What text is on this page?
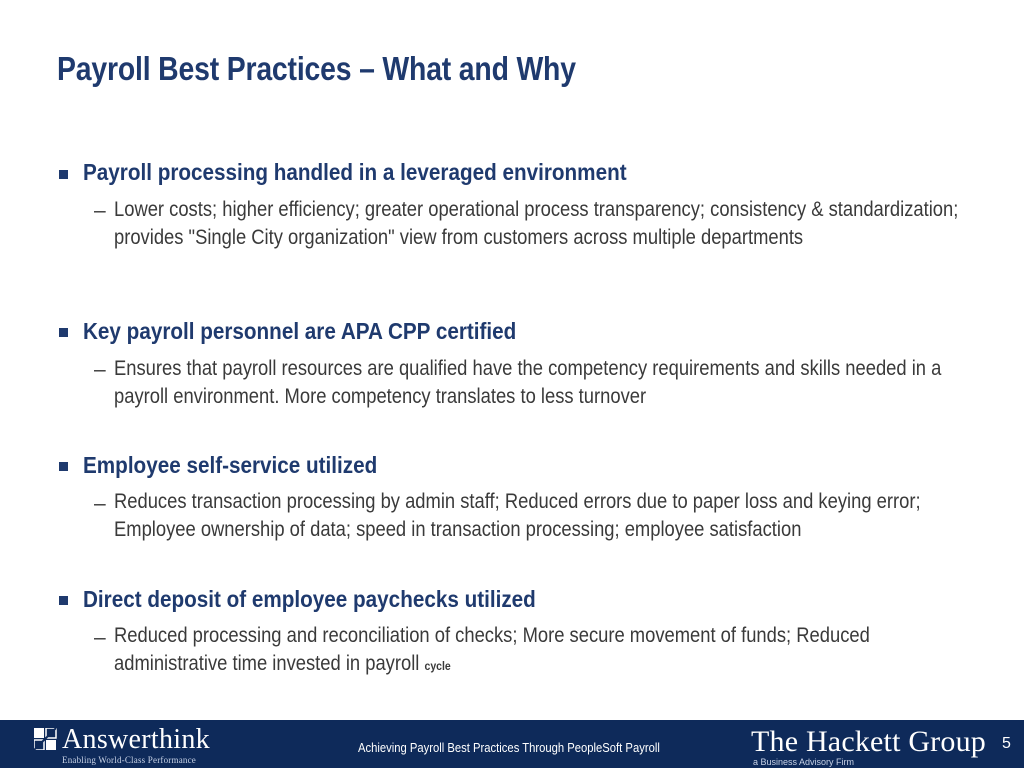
Payroll Best Practices – What and Why
Payroll processing handled in a leveraged environment
– Lower costs; higher efficiency; greater operational process transparency; consistency & standardization; provides "Single City organization" view from customers across multiple departments
Key payroll personnel are APA CPP certified
– Ensures that payroll resources are qualified have the competency requirements and skills needed in a payroll environment. More competency translates to less turnover
Employee self-service utilized
– Reduces transaction processing by admin staff; Reduced errors due to paper loss and keying error; Employee ownership of data; speed in transaction processing; employee satisfaction
Direct deposit of employee paychecks utilized
– Reduced processing and reconciliation of checks; More secure movement of funds; Reduced administrative time invested in payroll cycle
Answerthink
Enabling World-Class Performance
Achieving Payroll Best Practices Through PeopleSoft Payroll	The Hackett Group
a Business Advisory Firm
5
